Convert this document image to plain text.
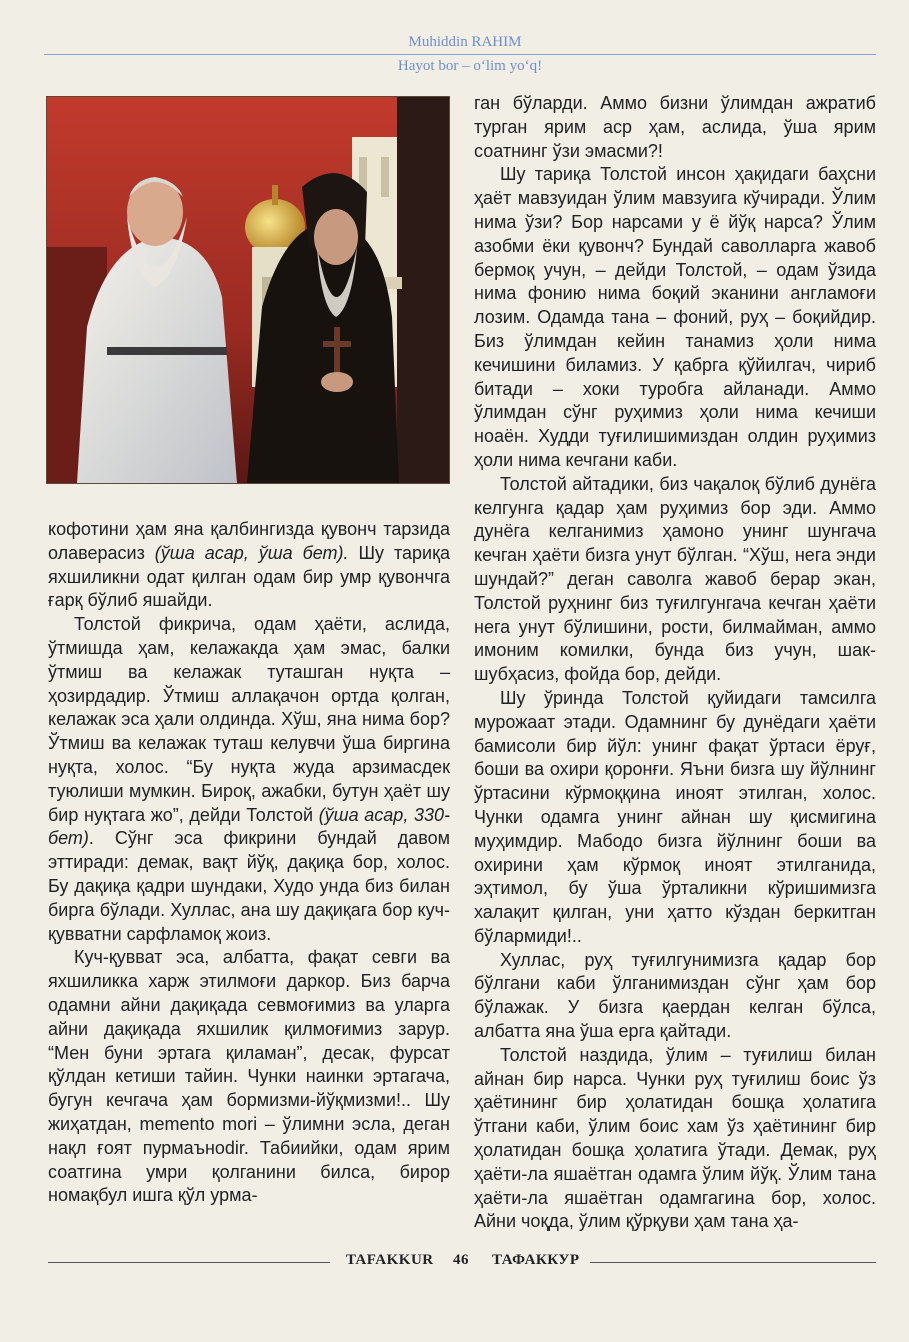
Muhiddin RAHIM
Hayot bor – o‘lim yo‘q!

кофотини ҳам яна қалбингизда қувонч тарзида олаверасиз (ўша асар, ўша бет). Шу тариқа яхшиликни одат қилган одам бир умр қувончга ғарқ бўлиб яшайди.

Толстой фикрича, одам ҳаёти, аслида, ўтмишда ҳам, келажакда ҳам эмас, балки ўтмиш ва келажак туташган нуқта – ҳозирдадир. Ўтмиш аллақачон ортда қолган, келажак эса ҳали олдинда. Хўш, яна нима бор? Ўтмиш ва келажак туташ келувчи ўша биргина нуқта, холос. “Бу нуқта жуда арзимасдек туюлиши мумкин. Бироқ, ажабки, бутун ҳаёт шу бир нуқтага жо”, дейди Толстой (ўша асар, 330-бет). Сўнг эса фикрини бундай давом эттиради: демак, вақт йўқ, дақиқа бор, холос. Бу дақиқа қадри шундаки, Худо унда биз билан бирга бўлади. Хуллас, ана шу дақиқага бор куч-қувватни сарфламоқ жоиз.

Куч-қувват эса, албатта, фақат севги ва яхшиликка харж этилмоғи даркор. Биз барча одамни айни дақиқада севмоғимиз ва уларга айни дақиқада яхшилик қилмоғимиз зарур. “Мен буни эртага қиламан”, десак, фурсат қўлдан кетиши тайин. Чунки наинки эртагача, бугун кечгача ҳам бормизми-йўқмизми!.. Шу жиҳатдан, memento mori – ўлимни эсла, деган нақл ғоят пурмаъноdir. Табиийки, одам ярим соатгина умри қолганини билса, бирор номақбул ишга қўл урма-

ган бўларди. Аммо бизни ўлимдан ажратиб турган ярим аср ҳам, аслида, ўша ярим соатнинг ўзи эмасми?!

Шу тариқа Толстой инсон ҳақидаги баҳсни ҳаёт мавзуидан ўлим мавзуига кўчиради. Ўлим нима ўзи? Бор нарсами у ё йўқ нарса? Ўлим азобми ёки қувонч? Бундай саволларга жавоб бермоқ учун, – дейди Толстой, – одам ўзида нима фонию нима боқий эканини англамоғи лозим. Одамда тана – фоний, руҳ – боқийдир. Биз ўлимдан кейин танамиз ҳоли нима кечишини биламиз. У қабрга қўйилгач, чириб битади – хоки туробга айланади. Аммо ўлимдан сўнг руҳимиз ҳоли нима кечиши ноаён. Худди туғилишимиздан олдин руҳимиз ҳоли нима кечгани каби.

Толстой айтадики, биз чақалоқ бўлиб дунёга келгунга қадар ҳам руҳимиз бор эди. Аммо дунёга келганимиз ҳамоно унинг шунгача кечган ҳаёти бизга унут бўлган. “Хўш, нега энди шундай?” деган саволга жавоб берар экан, Толстой руҳнинг биз туғилгунгача кечган ҳаёти нега унут бўлишини, рости, билмайман, аммо имоним комилки, бунда биз учун, шак-шубҳасиз, фойда бор, дейди.

Шу ўринда Толстой қуйидаги тамсилга мурожаат этади. Одамнинг бу дунёдаги ҳаёти бамисоли бир йўл: унинг фақат ўртаси ёруғ, боши ва охири қоронғи. Яъни бизга шу йўлнинг ўртасини кўрмоққина иноят этилган, холос. Чунки одамга унинг айнан шу қисмигина муҳимдир. Мабодо бизга йўлнинг боши ва охирини ҳам кўрмоқ иноят этилганида, эҳтимол, бу ўша ўрталикни кўришимизга халақит қилган, уни ҳатто кўздан беркитган бўлармиди!..

Хуллас, руҳ туғилгунимизга қадар бор бўлгани каби ўлганимиздан сўнг ҳам бор бўлажак. У бизга қаердан келган бўлса, албатта яна ўша ерга қайтади.

Толстой наздида, ўлим – туғилиш билан айнан бир нарса. Чунки руҳ туғилиш боис ўз ҳаётининг бир ҳолатидан бошқа ҳолатига ўтгани каби, ўлим боис хам ўз ҳаётининг бир ҳолатидан бошқа ҳолатига ўтади. Демак, руҳ ҳаёти-ла яшаётган одамга ўлим йўқ. Ўлим тана ҳаёти-ла яшаётган одамгагина бор, холос. Айни чоқда, ўлим қўрқуви ҳам тана ҳа-

TAFAKKUR 46 ТАФАККУР
